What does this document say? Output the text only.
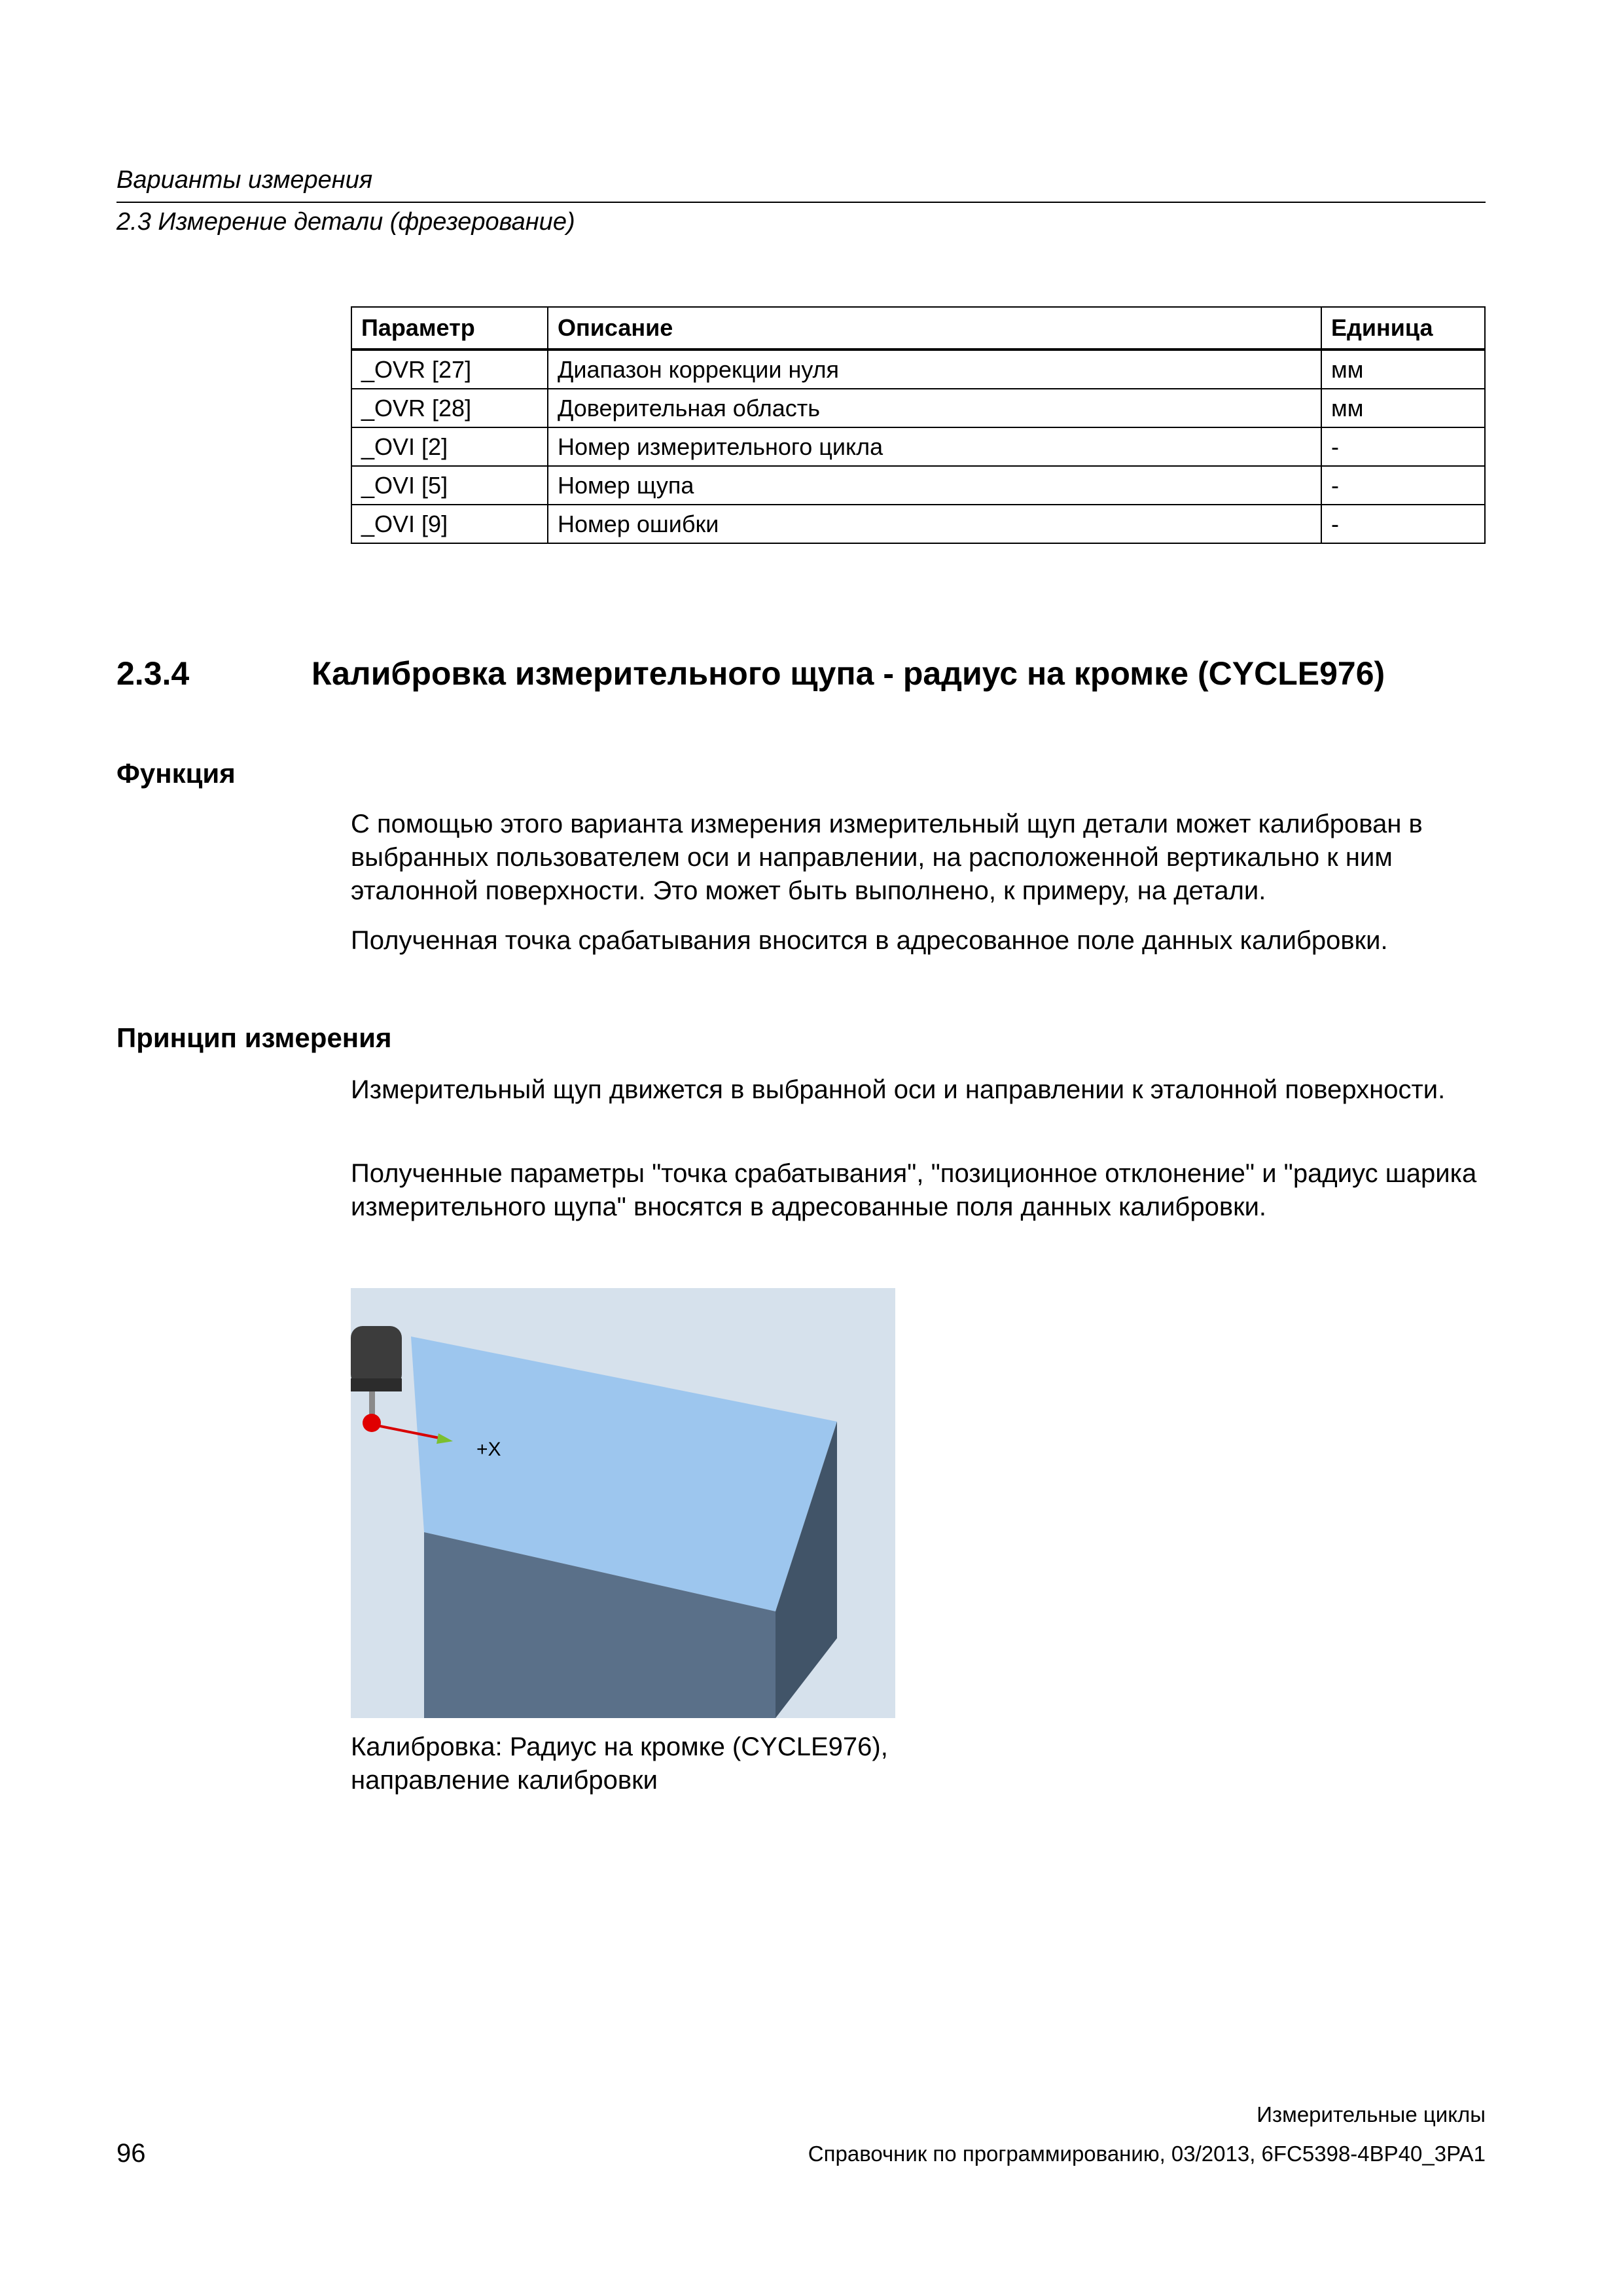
Варианты измерения
2.3 Измерение детали (фрезерование)
Параметр	Описание	Единица
_OVR [27]	Диапазон коррекции нуля	мм
_OVR [28]	Доверительная область	мм
_OVI [2]	Номер измерительного цикла	-
_OVI [5]	Номер щупа	-
_OVI [9]	Номер ошибки	-
2.3.4	Калибровка измерительного щупа - радиус на кромке (CYCLE976)
Функция
С помощью этого варианта измерения измерительный щуп детали может калиброван в выбранных пользователем оси и направлении, на расположенной вертикально к ним эталонной поверхности. Это может быть выполнено, к примеру, на детали.
Полученная точка срабатывания вносится в адресованное поле данных калибровки.
Принцип измерения
Измерительный щуп движется в выбранной оси и направлении к эталонной поверхности.
Полученные параметры "точка срабатывания", "позиционное отклонение" и "радиус шарика измерительного щупа" вносятся в адресованные поля данных калибровки.
+X
Калибровка: Радиус на кромке (CYCLE976),
направление калибровки
Измерительные циклы
Справочник по программированию, 03/2013, 6FC5398-4BP40_3PA1
96
